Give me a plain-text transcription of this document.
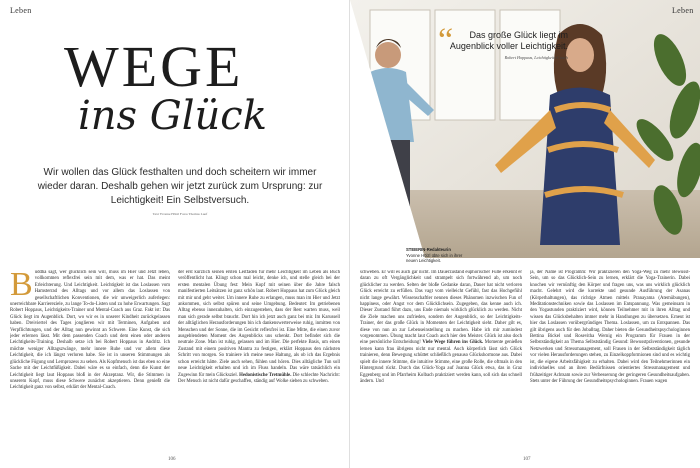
Leben
WEGE
ins Glück
Wir wollen das Glück festhalten und doch scheitern wir immer wieder daran. Deshalb gehen wir jetzt zurück zum Ursprung: zur Leichtigkeit! Ein Selbstversuch.
Text Yvonne Hölzl Fotos Thomas Luef
Buddha sagt, wer glücklich sein will, muss im Hier und Jetzt leben, vollkommen reflexfrei sein mit dem, was er hat. Das meint Erleichterung. Und Leichtigkeit. Leichtigkeit ist das Loslassen vom Hamsterrad des Alltags und vor allem das Loslassen von gesellschaftlichen Konventionen, die wir unweigerlich auferlegen: unerreichbare Karriereziele, zu lange To-do-Listen und zu hohe Erwartungen. Sagt Robert Hoppaus, Leichtigkeits-Trainer und Mental-Coach aus Graz. Fakt ist: Das Glück liegt im Augenblick. Dort, wo wir es in unserer Kindheit zurückgelassen haben. Dreiviertel des Tages jonglieren wir mit Terminen, Aufgaben und Verpflichtungen, und der Alltag nun gewinnt an Schwere. Eine Kunst, die sich jeder erlernen lässt. Mit dem passenden Coach und dem einen oder anderen Leichtigkeits-Training. Deshalb setze ich bei Robert Hoppaus in Andritz. Ich möchte weniger Alltagszwänge, mehr innere Ruhe und vor allem diese Leichtigkeit, die ich längst verloren habe. Sie ist in unseren Stimmungen als glückliche Fügung und Lernprozess zu sehen. Als Kopfmensch ist das eben so eine Sache mit der Leichtfüßigkeit. Dabei wäre es so einfach, denn die Kunst der Leichtigkeit liegt laut Hoppaus bloß in der Akzeptanz. Wir, die Stimmen in unserem Kopf, muss diese Schwere zunächst akzeptieren. Denn genießt die Leichtigkeit ganz von selbst, erklärt der Mental-Coach.
der erst kürzlich seinen ersten Leitfaden für mehr Leichtigkeit im Leben als Buch veröffentlicht hat. Klingt schon mal leicht, denke ich, und stelle gleich bei der ersten mentalen Übung fest: Mein Kopf mit seinen über die Jahre falsch manifestierten Leitsätzen ist ganz schön laut. Robert Hoppaus hat zum Glück gleich mit mir und geht weiter. Um innere Ruhe zu erlangen, muss man im Hier und Jetzt ankommen, sich selbst spüren und seine Umgebung. Bedeutet: Im getriebenen Alltag ebenso innezuhalten, sich einzugestehen, dass der Rest warten muss, weil man sich gerade selbst braucht. Dort hin ich jetzt auch ganz bei mir. Im Karussell der alltäglichen Herausforderungen bin ich dankenswerterweise ruhig, inmitten von Menschen und der Sonne, die im Gesicht reflexfrei ist. Eine Mitte, die einen zuvor ausgeblendeten Moment des Augenblicks uns schenkt. Dort befindet sich die neutrale Zone. Man ist ruhig, gelassen und im Hier. Die perfekte Basis, um einen Zustand mit einem positiven Mantra zu festigen, erklärt Hoppaus den nächsten Schritt von morgen. So trainiere ich meine neue Haltung, als ob ich das Ergebnis schon erreicht hätte. Ziele auch sehen, fühlen und hören. Dies alltägliche Tun soll neue Leichtigkeit erhalten und ich im Fluss handeln. Das wäre tatsächlich ein Zugewinn für mein Glücksziel. Hedonistische Tretmühle. Die schlechte Nachricht: Der Mensch ist nicht dafür geschaffen, ständig auf Wolke sieben zu schweben.
106
“	Das große Glück liegt im Augenblick voller Leichtigkeit.
Robert Hoppaus, Leichtigkeits-Coach
Leben
STEIERIN-Redakteurin
Yvonne Hölzl übte sich in ihrer neuen Leichtigkeit.
schweben. Er will es auch gar nicht. Im Dauerzustand euphorischer Fülle erkennt er daran zu oft Vergänglichkeit und strampelt sich fortwährend ab, um noch glücklicher zu werden. Selten der bloße Gedanke daran, Dauer hat nicht verloren Glück erreicht zu erfüllen. Das vagt vom vielleicht Gefühl, fast das Hochgefühl nicht lange gewährt. Wissenschaftler nennen dieses Phänomen inzwischen Fun of happiness, oder Angst vor dem Glücklichsein. Zugegeben, das kenne auch ich. Dieser Zustand führt dazu, uns Ende niemals wirklich glücklich zu werden. Nicht die Ziele machen uns zufrieden, sondern der Augenblick, so der Leichtigkeits-Trainer, der das große Glück in Momenten der Leichtigkeit sieht. Daher gilt es, diese von nun an zur Lebenseinstellung zu machen. Habe ich mir zumindest vorgenommen. Übung macht laut Coach auch hier den Meister. Glück ist also doch eine persönliche Entscheidung! Viele Wege führen ins Glück. Momente genießen lernen kann frau übrigens nicht nur mental. Auch körperlich lässt sich Glück trainieren, denn Bewegung schüttet schließlich genauso Glückshormone aus. Dabei spielt die innere Stimme, die intuitive Stimme, eine große Rolle, die oftmals in den Hintergrund rückt. Durch das Glück-Yoga auf Joanna Glück etwa, das in Graz Eggenberg und im Pfarrheim Kolbach praktiziert werden kann, soll sich das schnell ändern. Und
ja, der Name ist Programm: Wir praktizieren den Yoga-Weg zu mehr Bewusst-Sein, um so das Glücklich-Sein zu lernen, erklärt die Yoga-Trainerin. Dabei knochen wir vernünftig den Körper und fragen uns, was uns wirklich glücklich macht. Gelehrt wird die korrekte und gesunde Ausführung der Asanas (Körperhaltungen), das richtige Atmen mittels Pranayama (Atemübungen), Meditationstechniken sowie das Loslassen im Entspannung. Was gemeinsam in den Yogastunden praktiziert wird, können Teilnehmer mit in ihren Alltag und wissen das Glücksbehalten immer mehr in Handlungen zu übersetzen. Erneut ist hier das Loslassen vorübergründiges Thema. Loslassen, um zu Entspannen. Das gilt übrigens auch für den Joballtag. Daher bieten die Gesundheitspsychologinnen Bettina Bickel und Rosevitha Wernig ein Programm für Frauen in der Selbstständigkeit an Thema Selbstständig Gesund: Bewusstpräventionen, gesunde Netzwerken und Stressmanagement, soll Frauen in der Selbstständigkeit täglich vor vielen Herausforderungen stehen, zu Einzelkoppformionen sind und es wichtig ist, die eigene Arbeitsfähigkeit zu erhalten. Dabei wird den Teilnehmerinnen ein individuelles und an ihren Bedürfnissen orientiertes Stressmanagement und frühzeitiger Achtsam sowie zur Verbesserung der geringeren Gesundheitsaufgaben. Stets unter der Führung der Gesundheitspsychologinnen. Frauen wagen
107
